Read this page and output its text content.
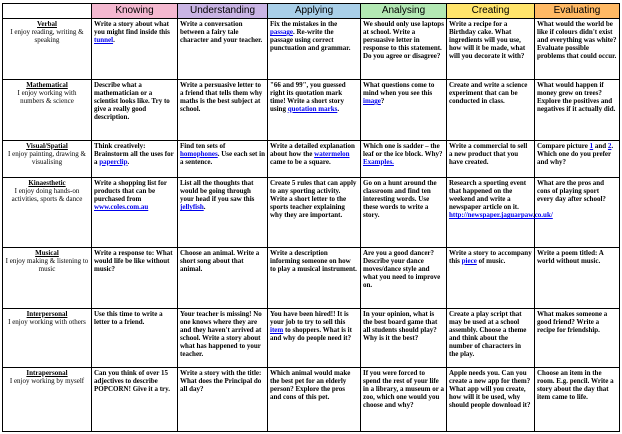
	Knowing	Understanding	Applying	Analysing	Creating	Evaluating

Verbal
I enjoy reading, writing & speaking	Write a story about what you might find inside this tunnel.	Write a conversation between a fairy tale character and your teacher.	Fix the mistakes in the passage. Re-write the passage using correct punctuation and grammar.	We should only use laptops at school. Write a persuasive letter in response to this statement. Do you agree or disagree?	Write a recipe for a Birthday cake. What ingredients will you use, how will it be made, what will you decorate it with?	What would the world be like if colours didn't exist and everything was white? Evaluate possible problems that could occur.

Mathematical
I enjoy working with numbers & science	Describe what a mathematician or a scientist looks like. Try to give a really good description.	Write a persuasive letter to a friend that tells them why maths is the best subject at school.	"66 and 99", you guessed right its quotation mark time! Write a short story using quotation marks.	What questions come to mind when you see this image?	Create and write a science experiment that can be conducted in class.	What would happen if money grew on trees? Explore the positives and negatives if it actually did.

Visual/Spatial
I enjoy painting, drawing & visualising	Think creatively: Brainstorm all the uses for a paperclip.	Find ten sets of homophones. Use each set in a sentence.	Write a detailed explanation about how the watermelon came to be a square.	Which one is sadder – the leaf or the ice block. Why? Examples.	Write a commercial to sell a new product that you have created.	Compare picture 1 and 2. Which one do you prefer and why?

Kinaesthetic
I enjoy doing hands-on activities, sports & dance	Write a shopping list for products that can be purchased from www.coles.com.au	List all the thoughts that would be going through your head if you saw this jellyfish.	Create 5 rules that can apply to any sporting activity. Write a short letter to the sports teacher explaining why they are important.	Go on a hunt around the classroom and find ten interesting words. Use these words to write a story.	Research a sporting event that happened on the weekend and write a newspaper article on it. http://newspaper.jaguarpaw.co.uk/	What are the pros and cons of playing sport every day after school?

Musical
I enjoy making & listening to music	Write a response to: What would life be like without music?	Choose an animal. Write a short song about that animal.	Write a description informing someone on how to play a musical instrument.	Are you a good dancer? Describe your dance moves/dance style and what you need to improve on.	Write a story to accompany this piece of music.	Write a poem titled: A world without music.

Interpersonal
I enjoy working with others	Use this time to write a letter to a friend.	Your teacher is missing! No one knows where they are and they haven't arrived at school. Write a story about what has happened to your teacher.	You have been hired!! It is your job to try to sell this item to shoppers. What is it and why do people need it?	In your opinion, what is the best board game that all students should play? Why is it the best?	Create a play script that may be used at a school assembly. Choose a theme and think about the number of characters in the play.	What makes someone a good friend? Write a recipe for friendship.

Intrapersonal
I enjoy working by myself	Can you think of over 15 adjectives to describe POPCORN! Give it a try.	Write a story with the title: What does the Principal do all day?	Which animal would make the best pet for an elderly person? Explore the pros and cons of this pet.	If you were forced to spend the rest of your life in a library, a museum or a zoo, which one would you choose and why?	Apple needs you. Can you create a new app for them? What app will you create, how will it be used, why should people download it?	Choose an item in the room. E.g. pencil. Write a story about the day that item came to life.
